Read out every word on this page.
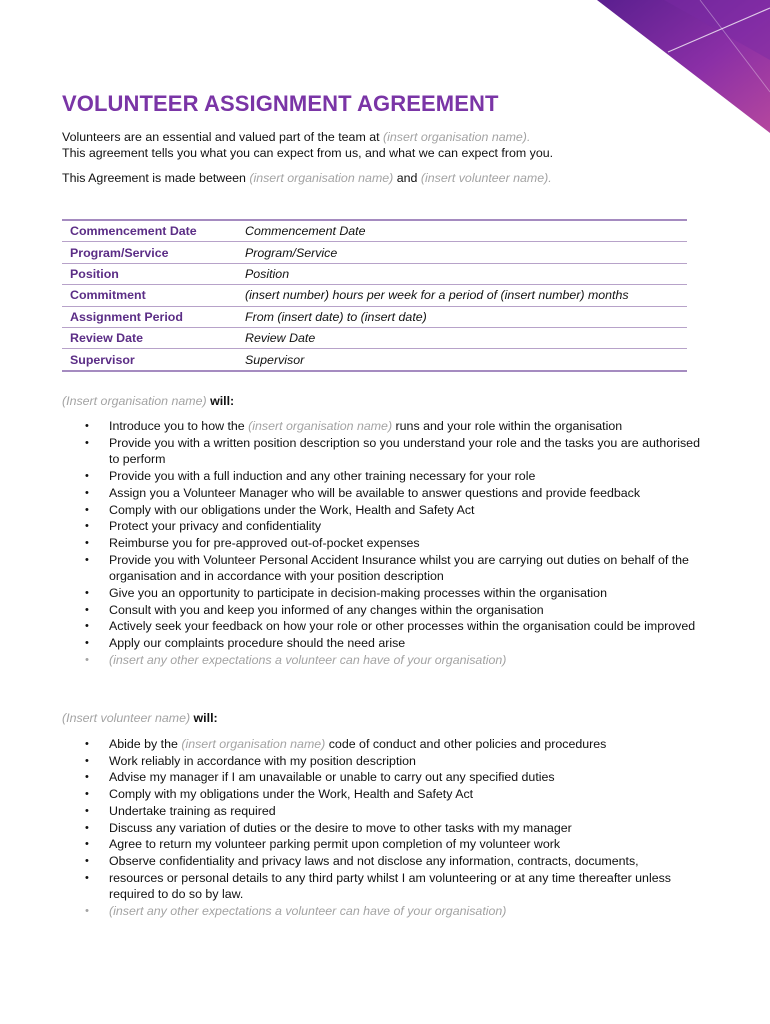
VOLUNTEER ASSIGNMENT AGREEMENT
Volunteers are an essential and valued part of the team at (insert organisation name).
This agreement tells you what you can expect from us, and what we can expect from you.
This Agreement is made between (insert organisation name) and (insert volunteer name).
Commencement Date	Commencement Date
Program/Service	Program/Service
Position	Position
Commitment	(insert number) hours per week for a period of (insert number) months
Assignment Period	From (insert date) to (insert date)
Review Date	Review Date
Supervisor	Supervisor
(Insert organisation name) will:
• Introduce you to how the (insert organisation name) runs and your role within the organisation
• Provide you with a written position description so you understand your role and the tasks you are authorised to perform
• Provide you with a full induction and any other training necessary for your role
• Assign you a Volunteer Manager who will be available to answer questions and provide feedback
• Comply with our obligations under the Work, Health and Safety Act
• Protect your privacy and confidentiality
• Reimburse you for pre-approved out-of-pocket expenses
• Provide you with Volunteer Personal Accident Insurance whilst you are carrying out duties on behalf of the organisation and in accordance with your position description
• Give you an opportunity to participate in decision-making processes within the organisation
• Consult with you and keep you informed of any changes within the organisation
• Actively seek your feedback on how your role or other processes within the organisation could be improved
• Apply our complaints procedure should the need arise
• (insert any other expectations a volunteer can have of your organisation)
(Insert volunteer name) will:
• Abide by the (insert organisation name) code of conduct and other policies and procedures
• Work reliably in accordance with my position description
• Advise my manager if I am unavailable or unable to carry out any specified duties
• Comply with my obligations under the Work, Health and Safety Act
• Undertake training as required
• Discuss any variation of duties or the desire to move to other tasks with my manager
• Agree to return my volunteer parking permit upon completion of my volunteer work
• Observe confidentiality and privacy laws and not disclose any information, contracts, documents,
• resources or personal details to any third party whilst I am volunteering or at any time thereafter unless required to do so by law.
• (insert any other expectations a volunteer can have of your organisation)
